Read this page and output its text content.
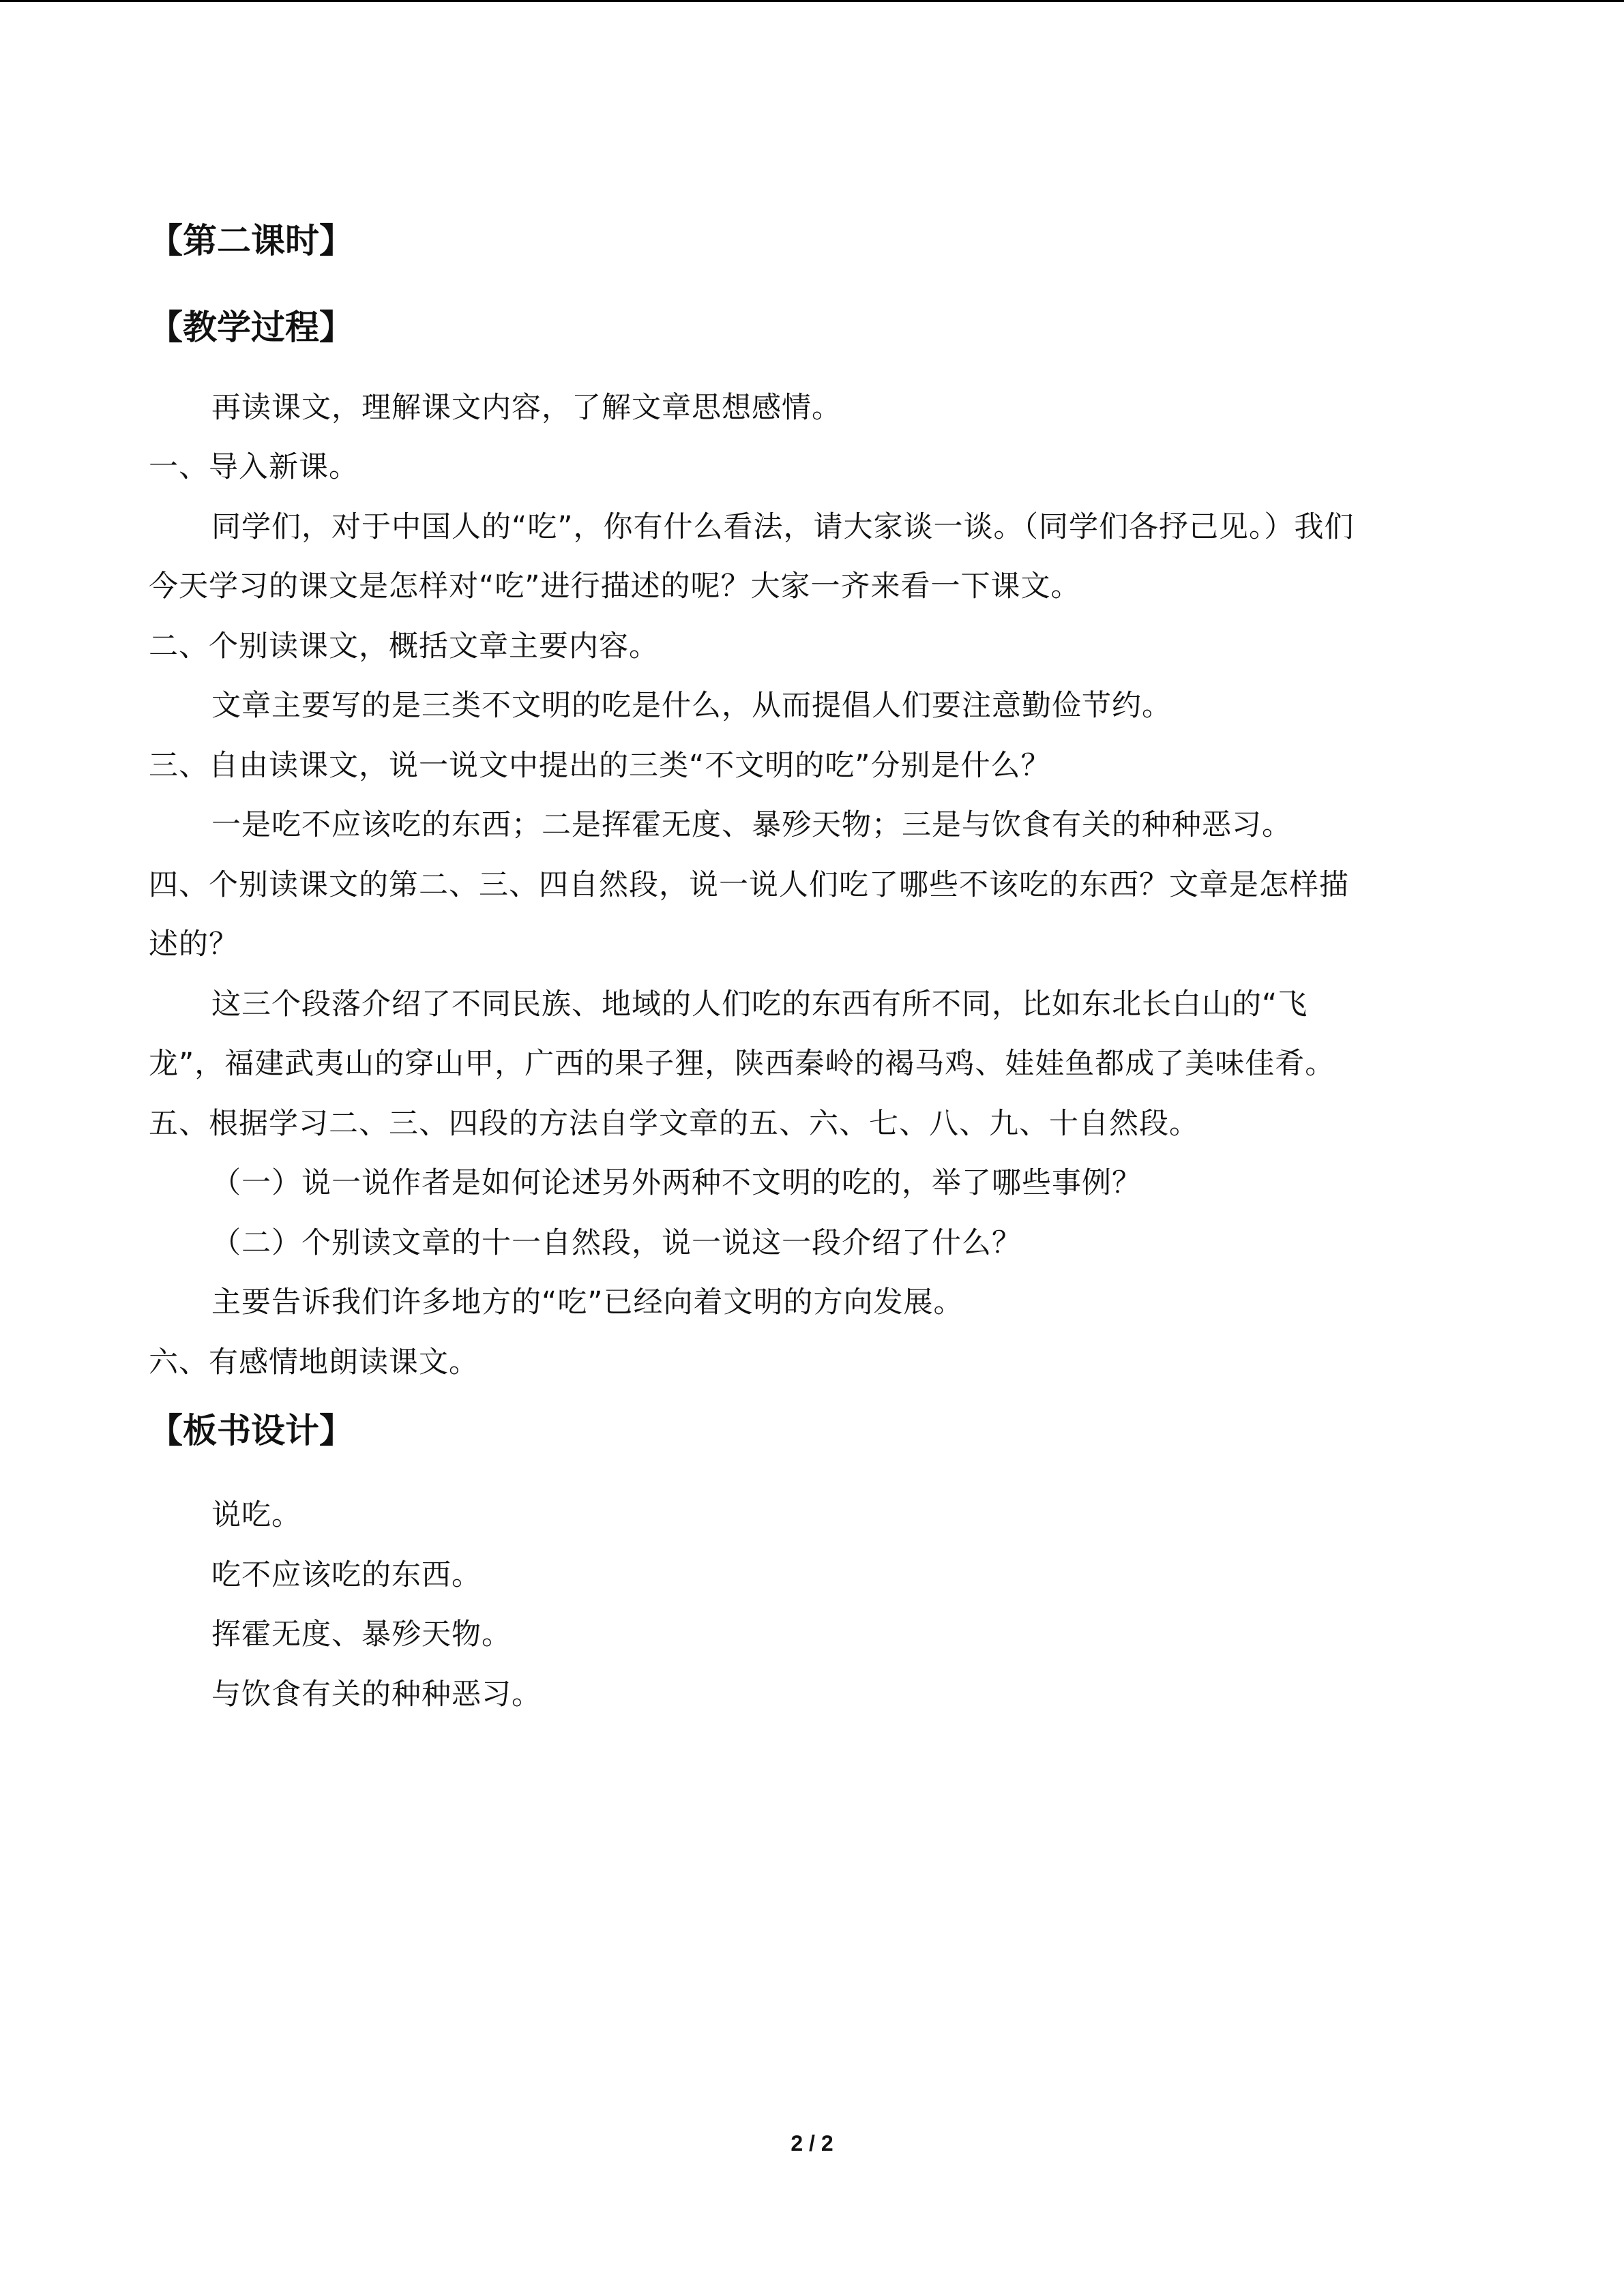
【第二课时】
【教学过程】
再读课文，理解课文内容，了解文章思想感情。
一、导入新课。
同学们，对于中国人的“吃”，你有什么看法，请大家谈一谈。（同学们各抒己见。）我们
今天学习的课文是怎样对“吃”进行描述的呢？大家一齐来看一下课文。
二、个别读课文，概括文章主要内容。
文章主要写的是三类不文明的吃是什么，从而提倡人们要注意勤俭节约。
三、自由读课文，说一说文中提出的三类“不文明的吃”分别是什么？
一是吃不应该吃的东西；二是挥霍无度、暴殄天物；三是与饮食有关的种种恶习。
四、个别读课文的第二、三、四自然段，说一说人们吃了哪些不该吃的东西？文章是怎样描
述的？
这三个段落介绍了不同民族、地域的人们吃的东西有所不同，比如东北长白山的“飞
龙”，福建武夷山的穿山甲，广西的果子狸，陕西秦岭的褐马鸡、娃娃鱼都成了美味佳肴。
五、根据学习二、三、四段的方法自学文章的五、六、七、八、九、十自然段。
（一）说一说作者是如何论述另外两种不文明的吃的，举了哪些事例？
（二）个别读文章的十一自然段，说一说这一段介绍了什么？
主要告诉我们许多地方的“吃”已经向着文明的方向发展。
六、有感情地朗读课文。
【板书设计】
说吃。
吃不应该吃的东西。
挥霍无度、暴殄天物。
与饮食有关的种种恶习。
2 / 2
